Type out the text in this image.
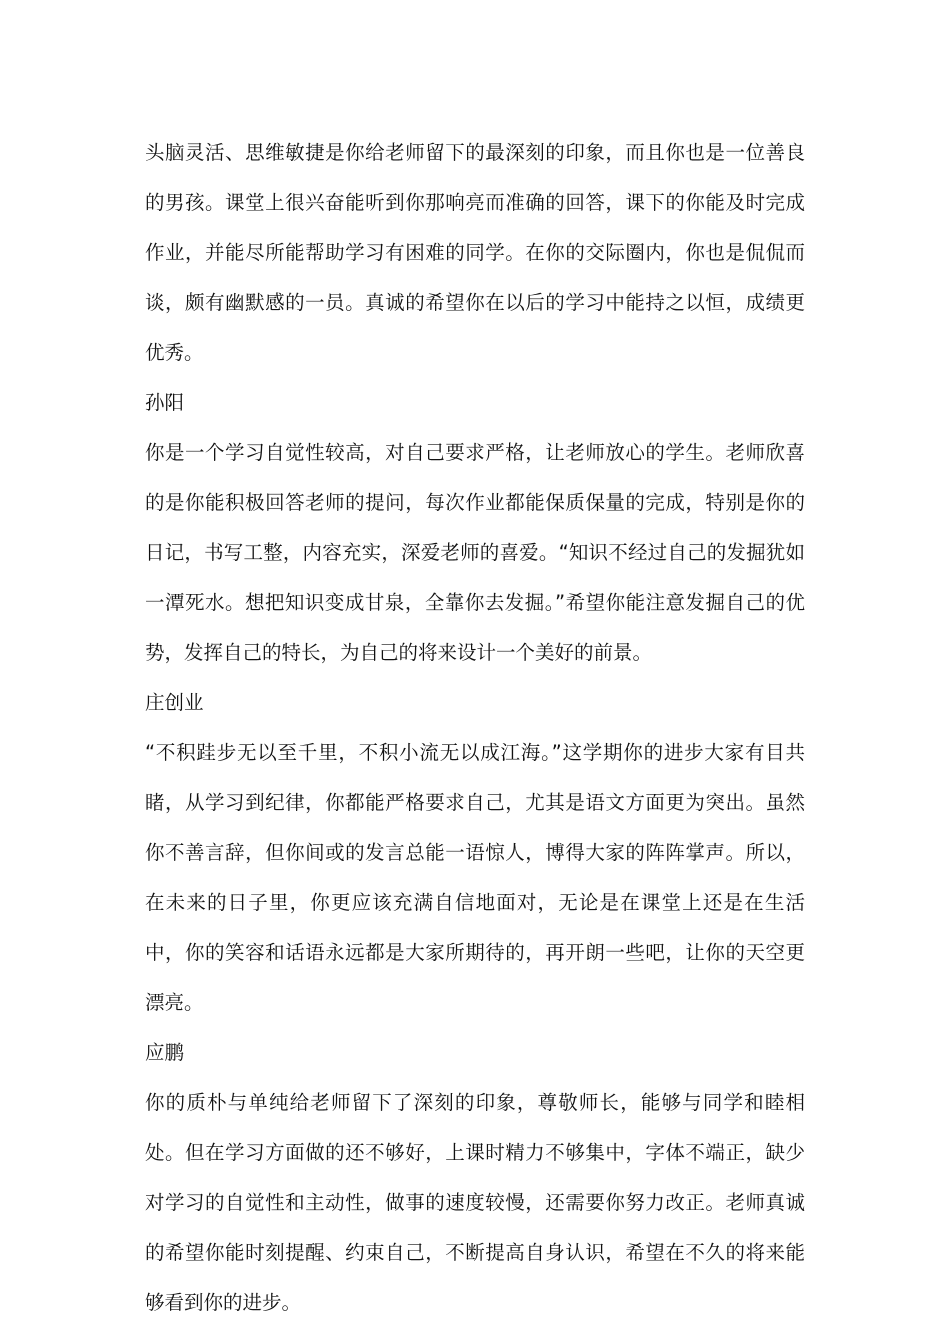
头脑灵活、思维敏捷是你给老师留下的最深刻的印象，而且你也是一位善良的男孩。课堂上很兴奋能听到你那响亮而准确的回答，课下的你能及时完成作业，并能尽所能帮助学习有困难的同学。在你的交际圈内，你也是侃侃而谈，颇有幽默感的一员。真诚的希望你在以后的学习中能持之以恒，成绩更优秀。

孙阳

你是一个学习自觉性较高，对自己要求严格，让老师放心的学生。老师欣喜的是你能积极回答老师的提问，每次作业都能保质保量的完成，特别是你的日记，书写工整，内容充实，深爱老师的喜爱。“知识不经过自己的发掘犹如一潭死水。想把知识变成甘泉，全靠你去发掘。”希望你能注意发掘自己的优势，发挥自己的特长，为自己的将来设计一个美好的前景。

庄创业

“不积跬步无以至千里，不积小流无以成江海。”这学期你的进步大家有目共睹，从学习到纪律，你都能严格要求自己，尤其是语文方面更为突出。虽然你不善言辞，但你间或的发言总能一语惊人，博得大家的阵阵掌声。所以，在未来的日子里，你更应该充满自信地面对，无论是在课堂上还是在生活中，你的笑容和话语永远都是大家所期待的，再开朗一些吧，让你的天空更漂亮。

应鹏

你的质朴与单纯给老师留下了深刻的印象，尊敬师长，能够与同学和睦相处。但在学习方面做的还不够好，上课时精力不够集中，字体不端正，缺少对学习的自觉性和主动性，做事的速度较慢，还需要你努力改正。老师真诚的希望你能时刻提醒、约束自己，不断提高自身认识，希望在不久的将来能够看到你的进步。
